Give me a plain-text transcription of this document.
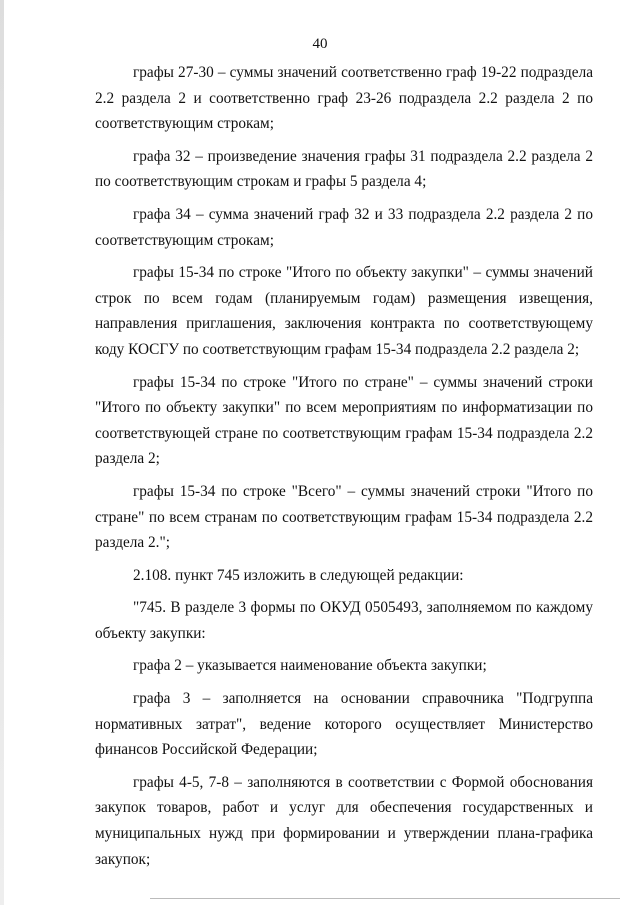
40

графы 27-30 – суммы значений соответственно граф 19-22 подраздела 2.2 раздела 2 и соответственно граф 23-26 подраздела 2.2 раздела 2 по соответствующим строкам;

графа 32 – произведение значения графы 31 подраздела 2.2 раздела 2 по соответствующим строкам и графы 5 раздела 4;

графа 34 – сумма значений граф 32 и 33 подраздела 2.2 раздела 2 по соответствующим строкам;

графы 15-34 по строке "Итого по объекту закупки" – суммы значений строк по всем годам (планируемым годам) размещения извещения, направления приглашения, заключения контракта по соответствующему коду КОСГУ по соответствующим графам 15-34 подраздела 2.2 раздела 2;

графы 15-34 по строке "Итого по стране" – суммы значений строки "Итого по объекту закупки" по всем мероприятиям по информатизации по соответствующей стране по соответствующим графам 15-34 подраздела 2.2 раздела 2;

графы 15-34 по строке "Всего" – суммы значений строки "Итого по стране" по всем странам по соответствующим графам 15-34 подраздела 2.2 раздела 2.";

2.108. пункт 745 изложить в следующей редакции:

"745. В разделе 3 формы по ОКУД 0505493, заполняемом по каждому объекту закупки:

графа 2 – указывается наименование объекта закупки;

графа 3 – заполняется на основании справочника "Подгруппа нормативных затрат", ведение которого осуществляет Министерство финансов Российской Федерации;

графы 4-5, 7-8 – заполняются в соответствии с Формой обоснования закупок товаров, работ и услуг для обеспечения государственных и муниципальных нужд при формировании и утверждении плана-графика закупок;
